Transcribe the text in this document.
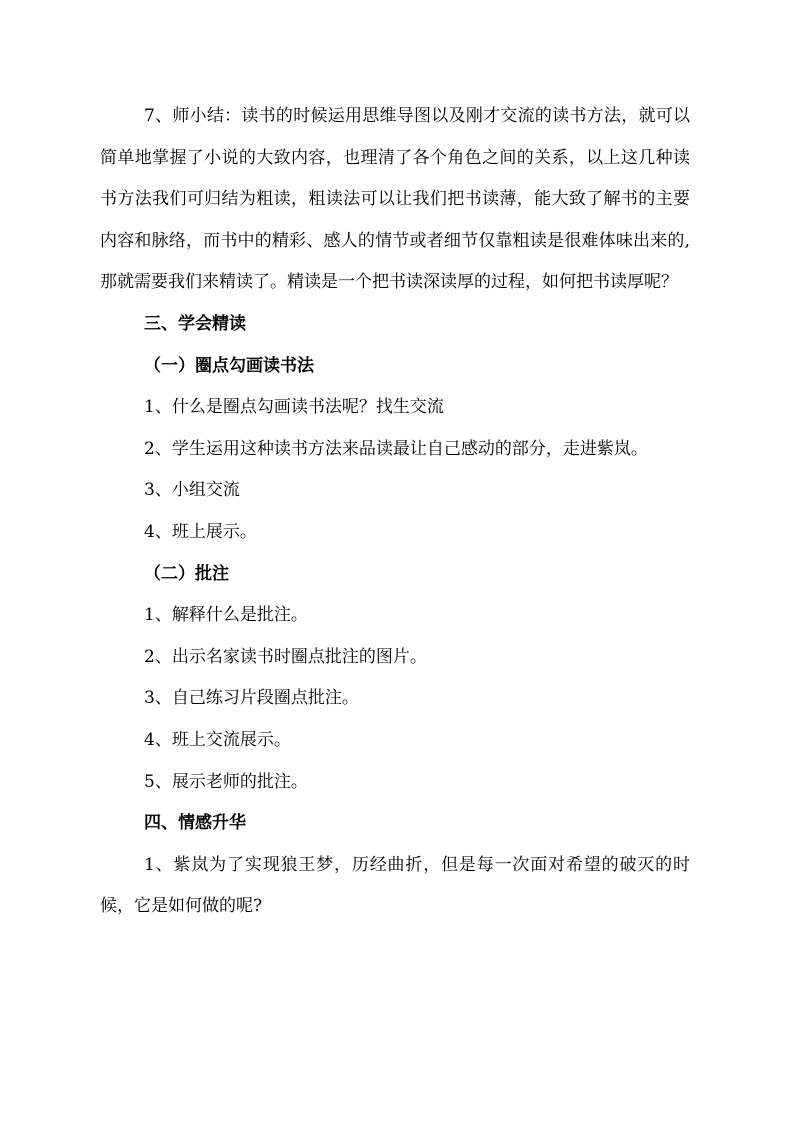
7、师小结：读书的时候运用思维导图以及刚才交流的读书方法，就可以简单地掌握了小说的大致内容，也理清了各个角色之间的关系，以上这几种读书方法我们可归结为粗读，粗读法可以让我们把书读薄，能大致了解书的主要内容和脉络，而书中的精彩、感人的情节或者细节仅靠粗读是很难体味出来的, 那就需要我们来精读了。精读是一个把书读深读厚的过程，如何把书读厚呢？

三、学会精读

（一）圈点勾画读书法

1、什么是圈点勾画读书法呢？找生交流

2、学生运用这种读书方法来品读最让自己感动的部分，走进紫岚。

3、小组交流

4、班上展示。

（二）批注

1、解释什么是批注。

2、出示名家读书时圈点批注的图片。

3、自己练习片段圈点批注。

4、班上交流展示。

5、展示老师的批注。

四、情感升华

1、紫岚为了实现狼王梦，历经曲折，但是每一次面对希望的破灭的时候，它是如何做的呢?
